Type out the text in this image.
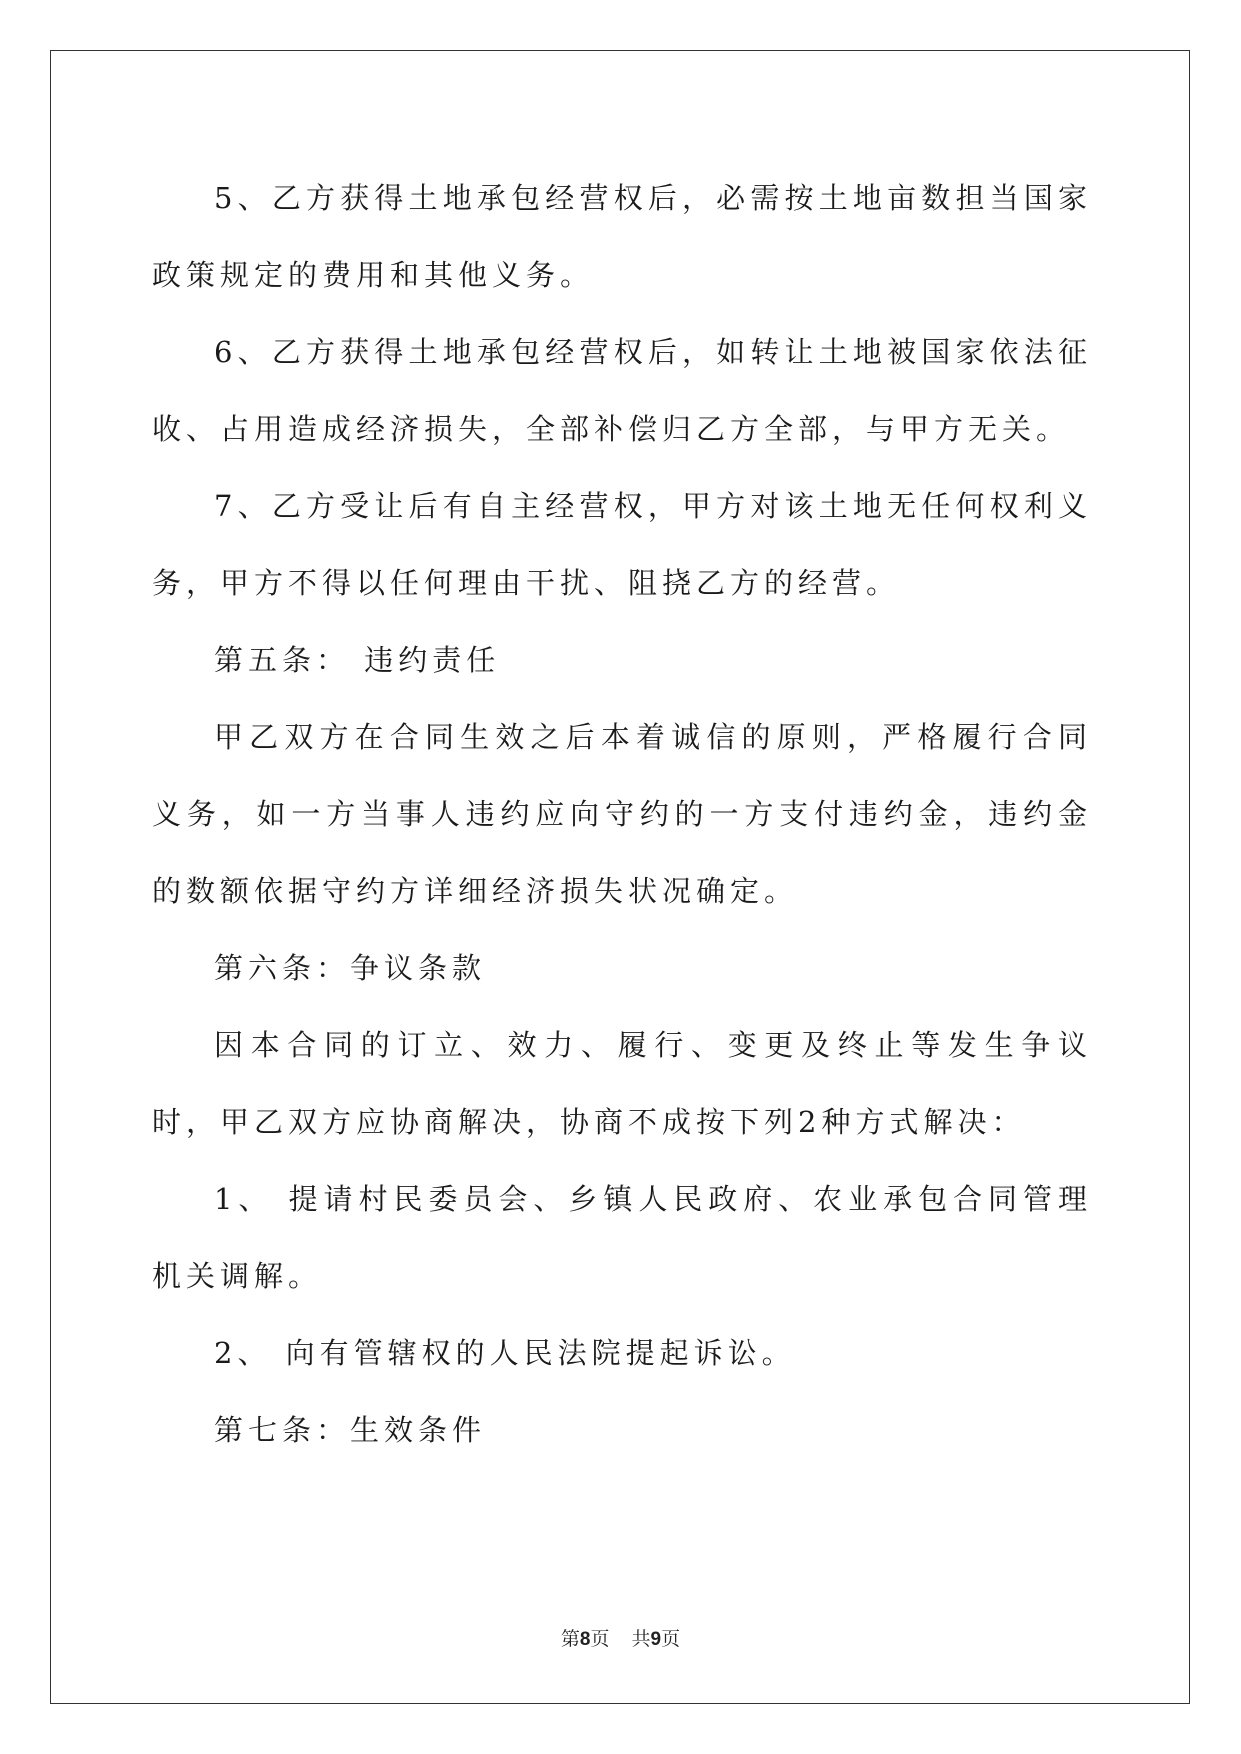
5、乙方获得土地承包经营权后，必需按土地亩数担当国家政策规定的费用和其他义务。

6、乙方获得土地承包经营权后，如转让土地被国家依法征收、占用造成经济损失，全部补偿归乙方全部，与甲方无关。

7、乙方受让后有自主经营权，甲方对该土地无任何权利义务，甲方不得以任何理由干扰、阻挠乙方的经营。

第五条： 违约责任

甲乙双方在合同生效之后本着诚信的原则，严格履行合同义务，如一方当事人违约应向守约的一方支付违约金，违约金的数额依据守约方详细经济损失状况确定。

第六条：争议条款

因本合同的订立、效力、履行、变更及终止等发生争议时，甲乙双方应协商解决，协商不成按下列2种方式解决：

1、 提请村民委员会、乡镇人民政府、农业承包合同管理机关调解。

2、 向有管辖权的人民法院提起诉讼。

第七条：生效条件

第8页 共9页
